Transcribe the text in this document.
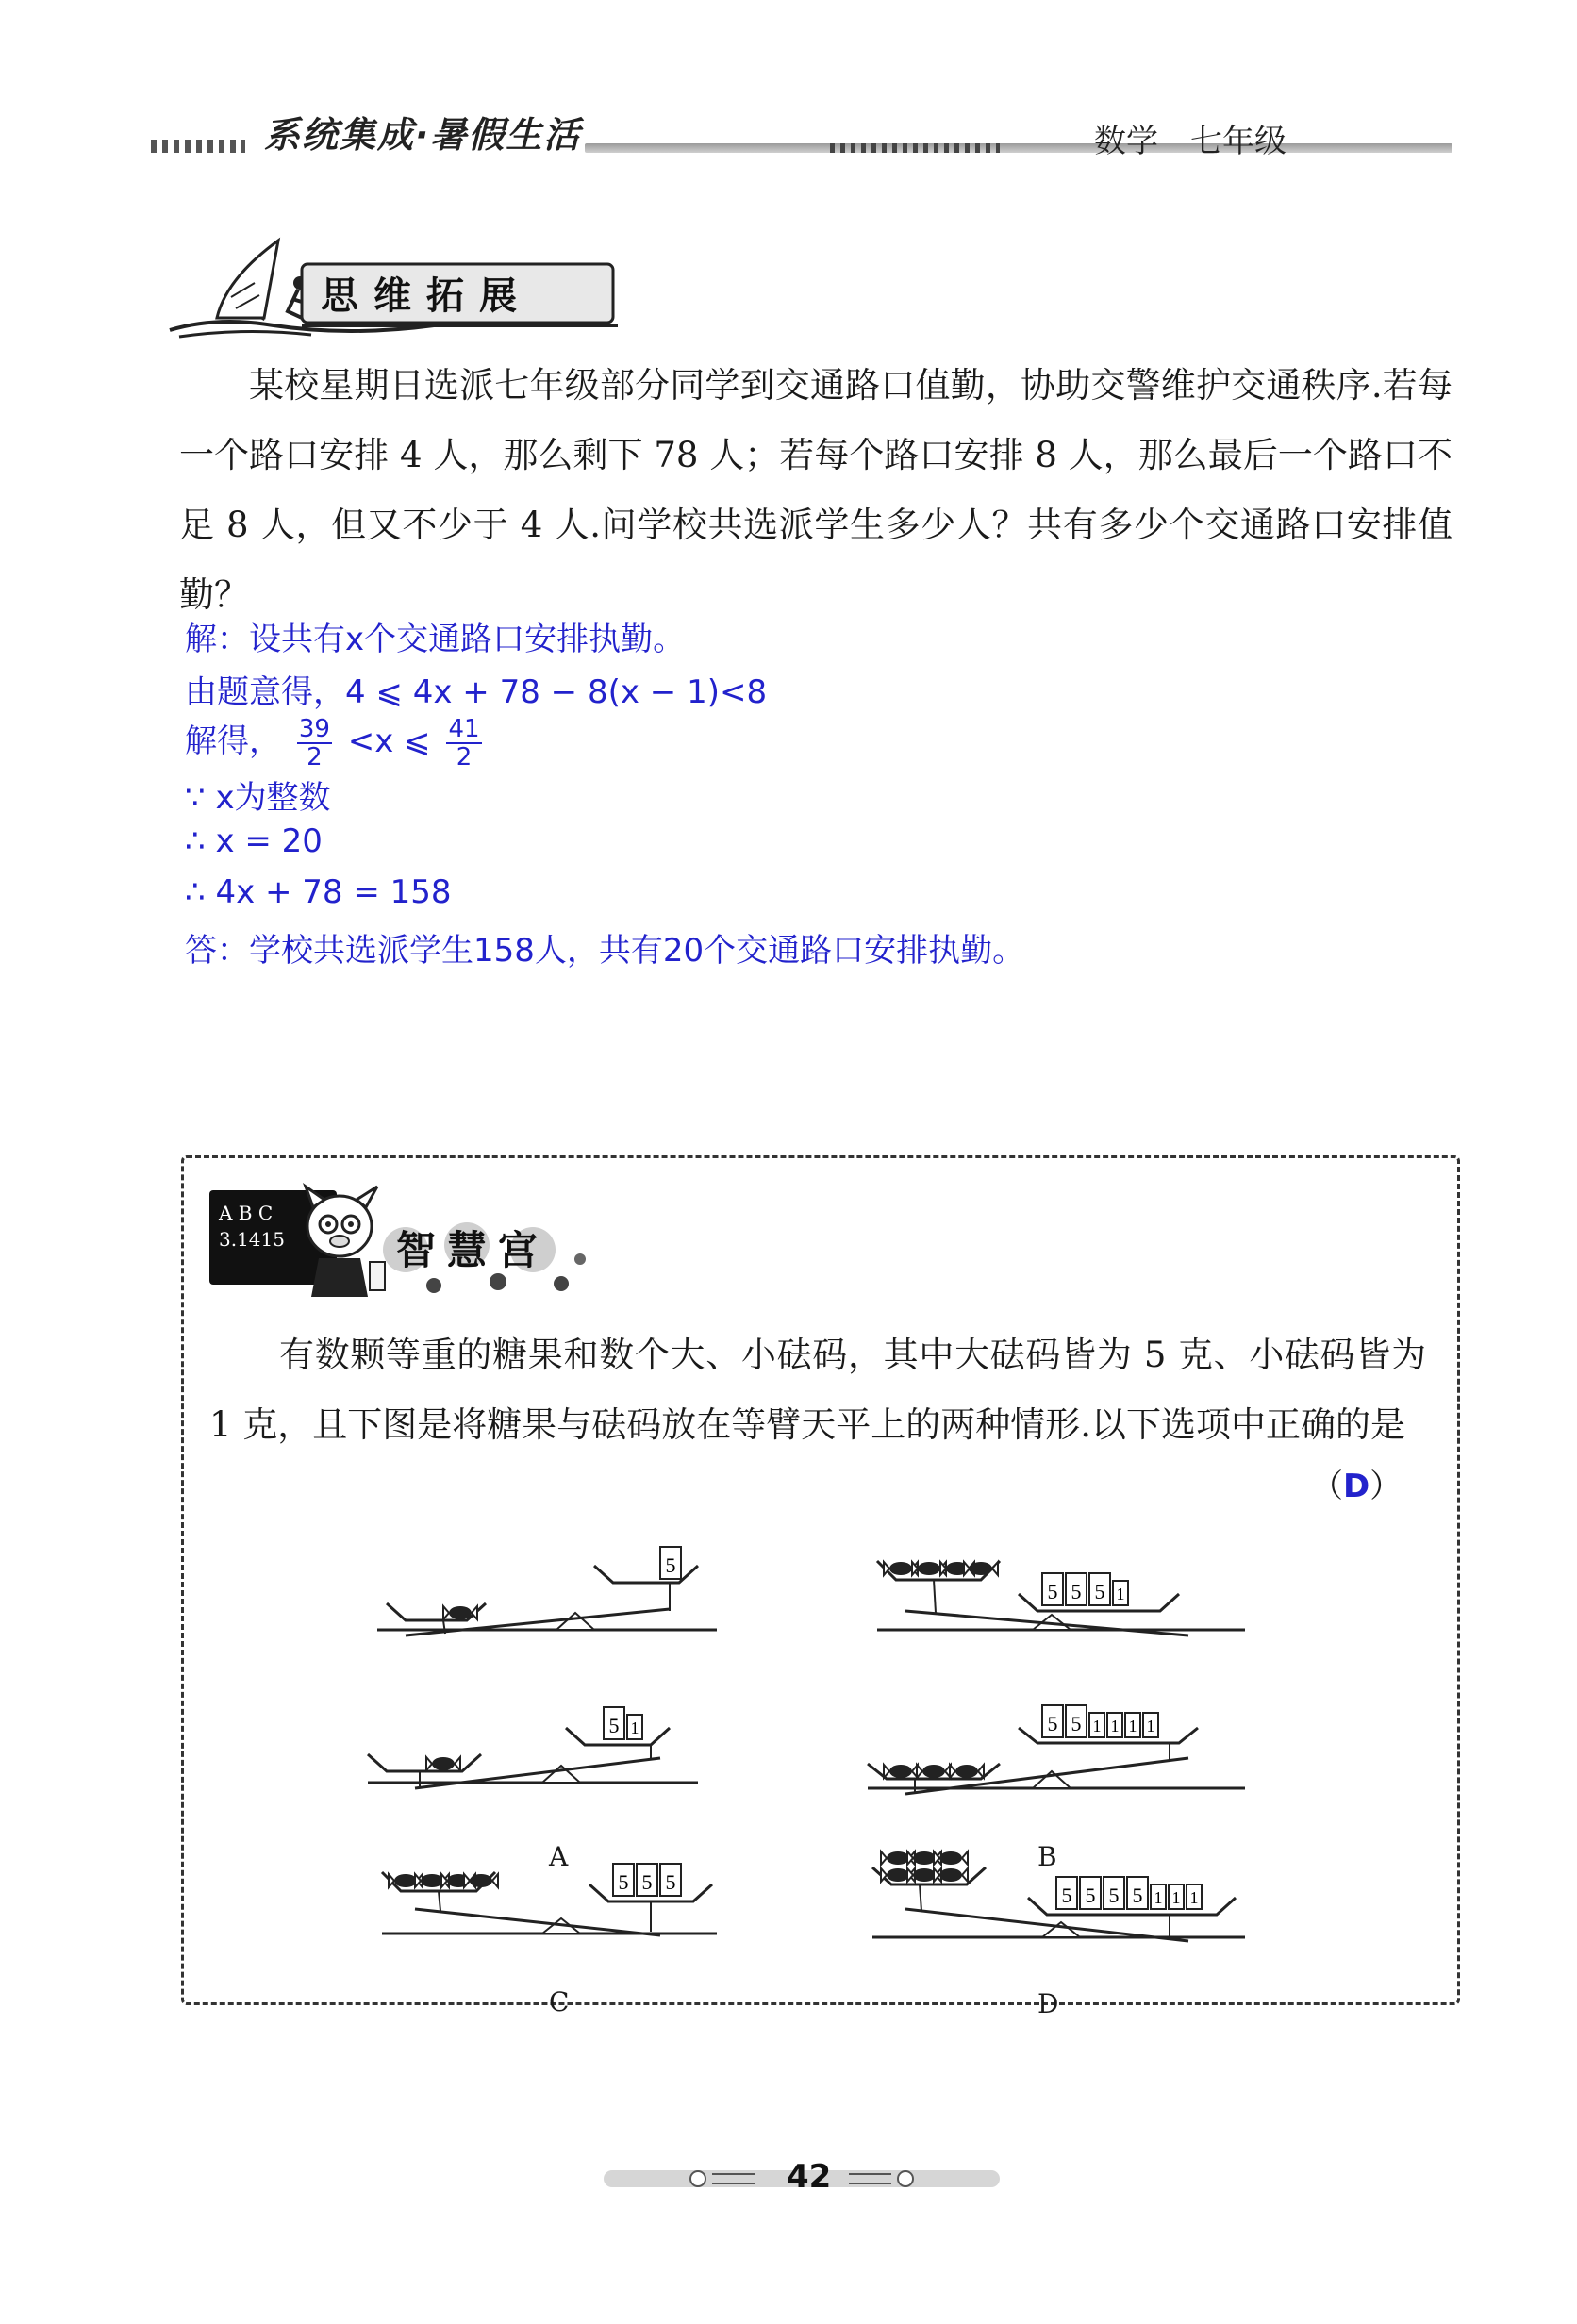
系统集成·暑假生活	数学　七年级
思维拓展
某校星期日选派七年级部分同学到交通路口值勤，协助交警维护交通秩序.若每一个路口安排 4 人，那么剩下 78 人；若每个路口安排 8 人，那么最后一个路口不足 8 人，但又不少于 4 人.问学校共选派学生多少人？共有多少个交通路口安排值勤？
解：设共有x个交通路口安排执勤。
由题意得，4 ⩽ 4x + 78 − 8(x − 1)<8
解得， $\frac{39}{2} <x$ ⩽ $\frac{41}{2}$
∵ x为整数
∴ x = 20
∴ 4x + 78 = 158
答：学校共选派学生158人，共有20个交通路口安排执勤。
A B C
3.1415	智慧宫
有数颗等重的糖果和数个大、小砝码，其中大砝码皆为 5 克、小砝码皆为 1 克，且下图是将糖果与砝码放在等臂天平上的两种情形.以下选项中正确的是
（D）
5
5 5 5 1
5 1	5 5 1 1 1 1
5 5 5
5 5 5 5 1 1 1
A	B
C	D
42
